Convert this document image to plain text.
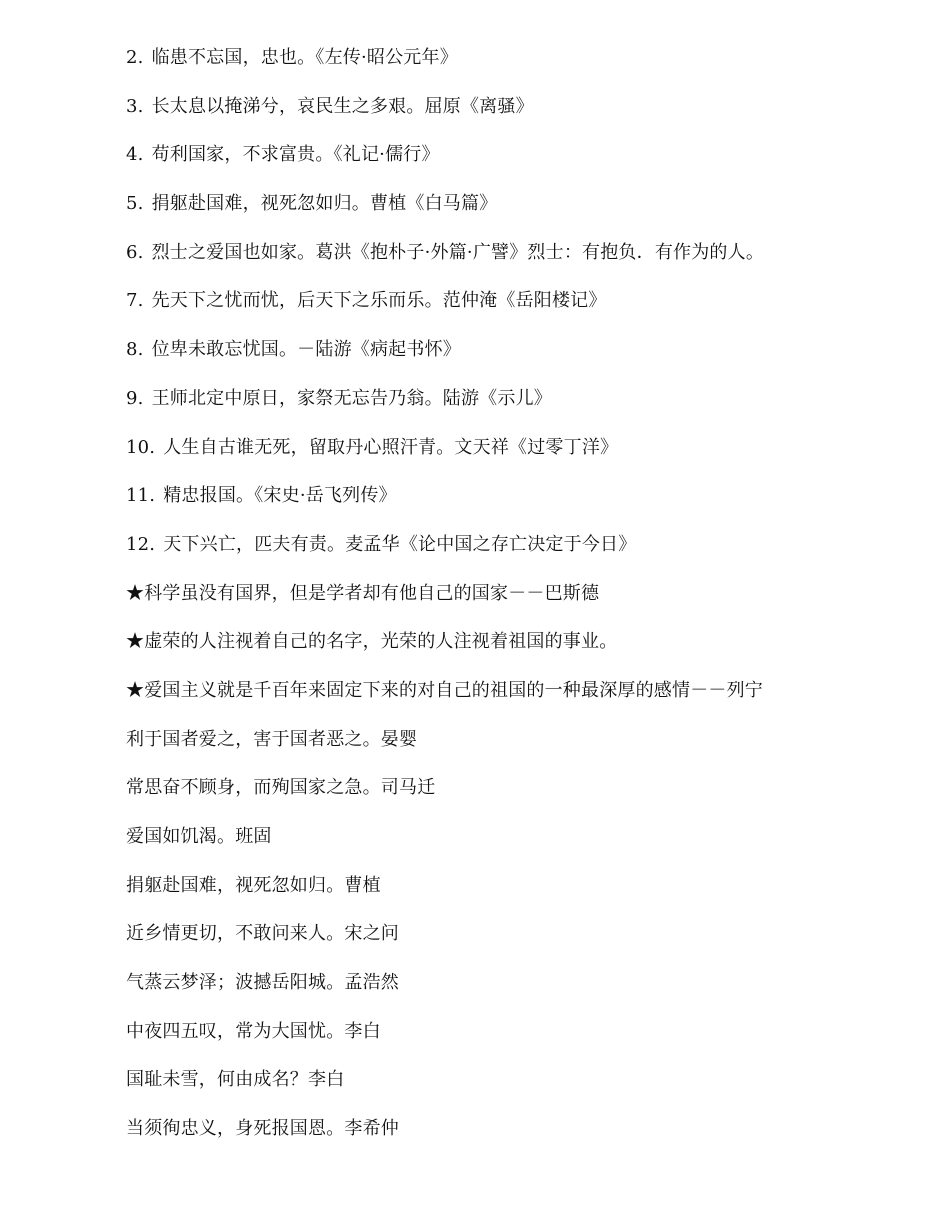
2. 临患不忘国，忠也。《左传·昭公元年》
3. 长太息以掩涕兮，哀民生之多艰。屈原《离骚》
4. 苟利国家，不求富贵。《礼记·儒行》
5. 捐躯赴国难，视死忽如归。曹植《白马篇》
6. 烈士之爱国也如家。葛洪《抱朴子·外篇·广譬》烈士：有抱负．有作为的人。
7. 先天下之忧而忧，后天下之乐而乐。范仲淹《岳阳楼记》
8. 位卑未敢忘忧国。－陆游《病起书怀》
9. 王师北定中原日，家祭无忘告乃翁。陆游《示儿》
10. 人生自古谁无死，留取丹心照汗青。文天祥《过零丁洋》
11. 精忠报国。《宋史·岳飞列传》
12. 天下兴亡，匹夫有责。麦孟华《论中国之存亡决定于今日》
★科学虽没有国界，但是学者却有他自己的国家－－巴斯德
★虚荣的人注视着自己的名字，光荣的人注视着祖国的事业。
★爱国主义就是千百年来固定下来的对自己的祖国的一种最深厚的感情－－列宁
利于国者爱之，害于国者恶之。晏婴
常思奋不顾身，而殉国家之急。司马迁
爱国如饥渴。班固
捐躯赴国难，视死忽如归。曹植
近乡情更切，不敢问来人。宋之问
气蒸云梦泽；波撼岳阳城。孟浩然
中夜四五叹，常为大国忧。李白
国耻未雪，何由成名？李白
当须徇忠义，身死报国恩。李希仲
